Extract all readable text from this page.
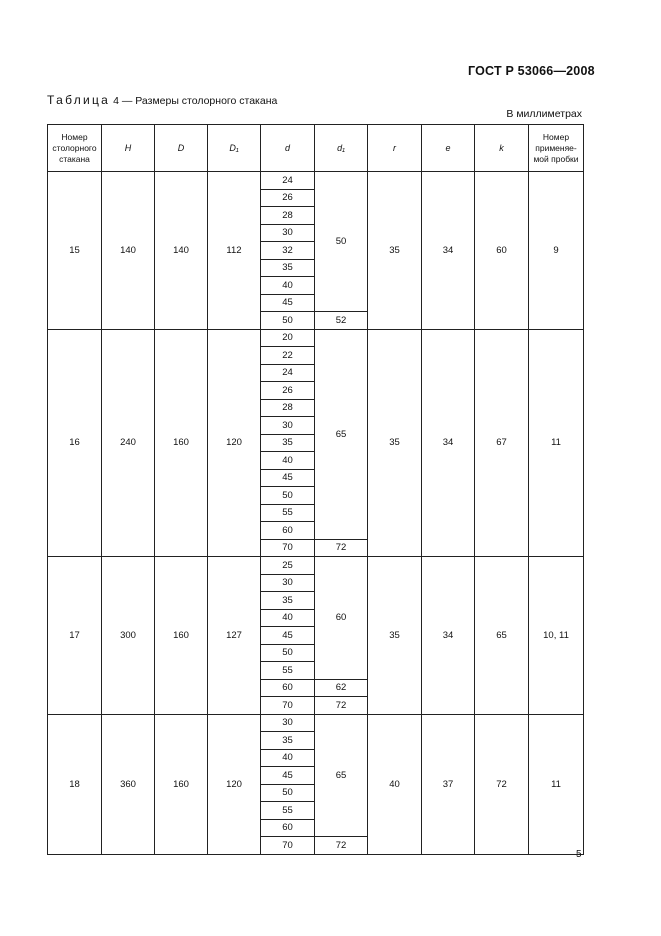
ГОСТ Р 53066—2008
Таблица 4 — Размеры столорного стакана
В миллиметрах
Номер столорного стакана	H	D	D₁	d	d₁	r	e	k	Номер применяе-мой пробки
15	140	140	112	24	50	35	34	60	9
				26					
				28					
				30					
				32					
				35					
				40					
				45					
				50	52				
16	240	160	120	20	65	35	34	67	11
				22					
				24					
				26					
				28					
				30					
				35					
				40					
				45					
				50					
				55					
				60					
				70	72				
17	300	160	127	25	60	35	34	65	10, 11
				30					
				35					
				40					
				45					
				50					
				55					
				60	62				
				70	72				
18	360	160	120	30	65	40	37	72	11
				35					
				40					
				45					
				50					
				55					
				60					
				70	72				
5
